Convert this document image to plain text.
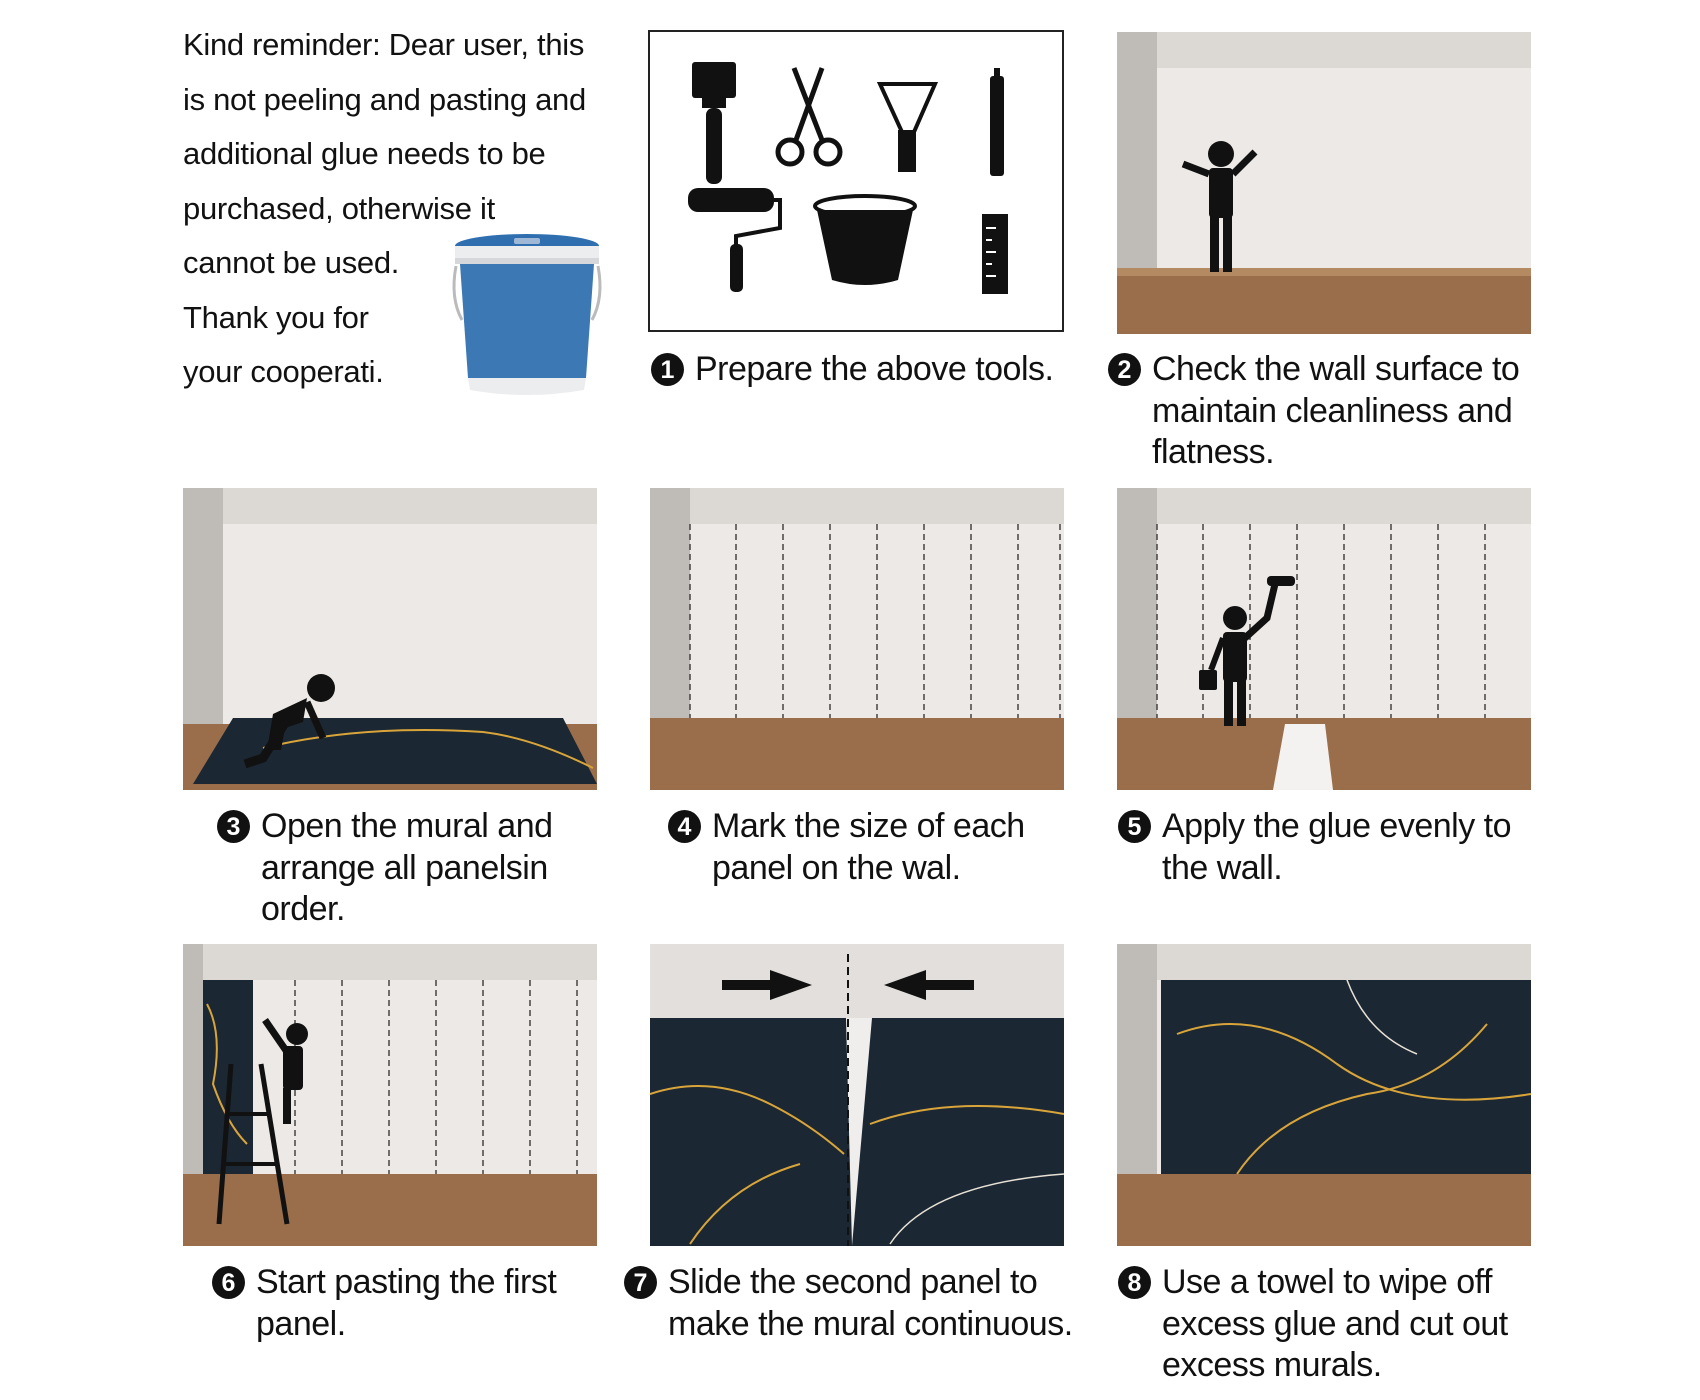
Kind reminder: Dear user, this
is not peeling and pasting and
additional glue needs to be
purchased, otherwise it
cannot be used.
Thank you for
your cooperati.	1 Prepare the above tools.	2 Check the wall surface to
maintain cleanliness and
flatness.
3 Open the mural and
arrange all panelsin
order.
4 Mark the size of each
panel on the wal.
5 Apply the glue evenly to
the wall.
6 Start pasting the first
panel.
7 Slide the second panel to
make the mural continuous.
8 Use a towel to wipe off
excess glue and cut out
excess murals.
